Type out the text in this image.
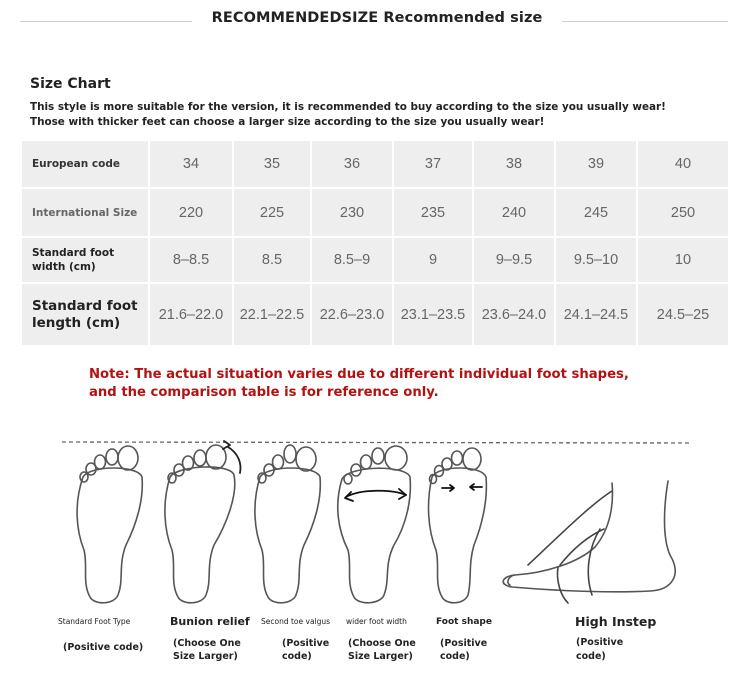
RECOMMENDEDSIZE Recommended size
Size Chart
This style is more suitable for the version, it is recommended to buy according to the size you usually wear!
Those with thicker feet can choose a larger size according to the size you usually wear!
European code	34	35	36	37	38	39	40
International Size	220	225	230	235	240	245	250
Standard foot width (cm)	8–8.5	8.5	8.5–9	9	9–9.5	9.5–10	10
Standard foot length (cm)	21.6–22.0	22.1–22.5	22.6–23.0	23.1–23.5	23.6–24.0	24.1–24.5	24.5–25
Note: The actual situation varies due to different individual foot shapes,
and the comparison table is for reference only.
Standard Foot Type
(Positive code)
Bunion relief
(Choose One
Size Larger)
Second toe valgus
(Positive
code)
wider foot width
(Choose One
Size Larger)
Foot shape
(Positive
code)
High Instep
(Positive
code)
